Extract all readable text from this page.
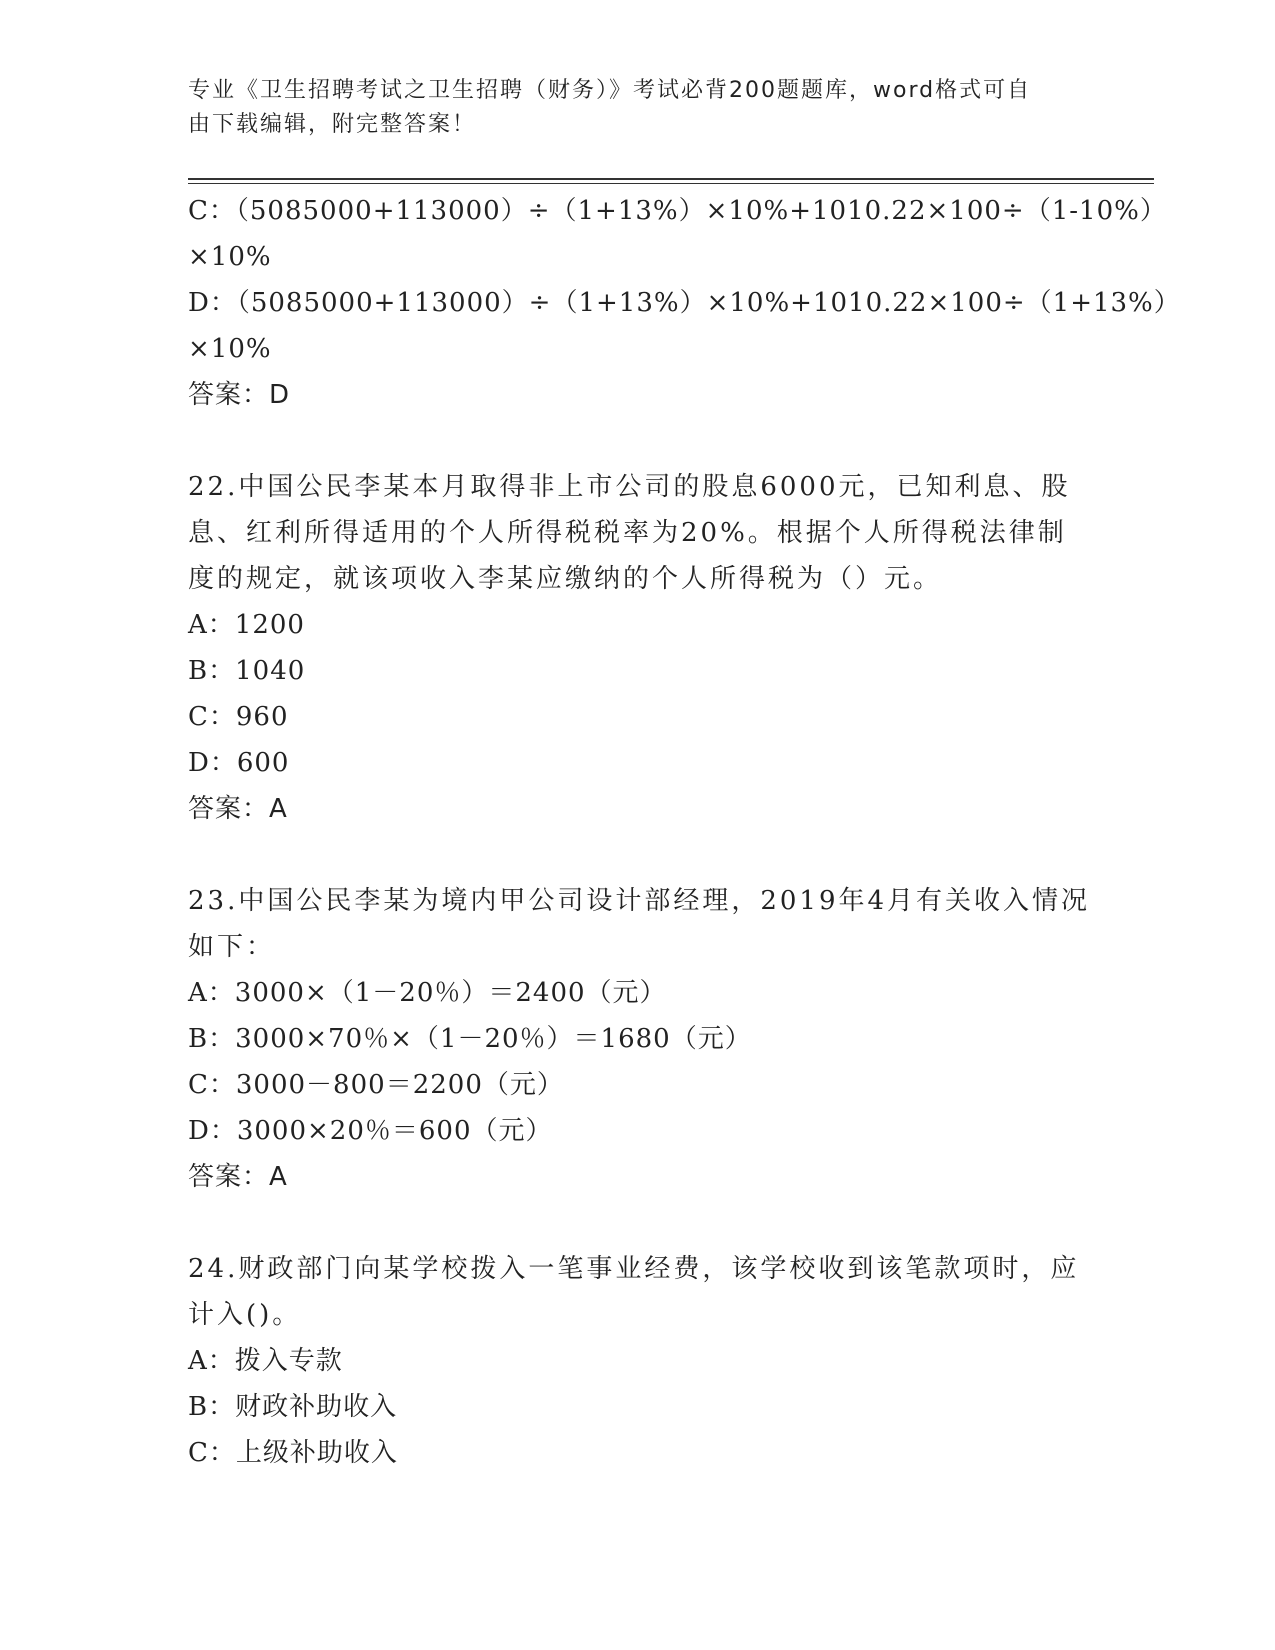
专业《卫生招聘考试之卫生招聘（财务）》考试必背200题题库，word格式可自
由下载编辑，附完整答案！
C：（5085000+113000）÷（1+13%）×10%+1010.22×100÷（1-10%）
×10%
D：（5085000+113000）÷（1+13%）×10%+1010.22×100÷（1+13%）
×10%
答案：D
22.中国公民李某本月取得非上市公司的股息6000元，已知利息、股
息、红利所得适用的个人所得税税率为20%。根据个人所得税法律制
度的规定，就该项收入李某应缴纳的个人所得税为（）元。
A：1200
B：1040
C：960
D：600
答案：A
23.中国公民李某为境内甲公司设计部经理，2019年4月有关收入情况
如下：
A：3000×（1－20％）＝2400（元）
B：3000×70％×（1－20％）＝1680（元）
C：3000－800＝2200（元）
D：3000×20％＝600（元）
答案：A
24.财政部门向某学校拨入一笔事业经费，该学校收到该笔款项时，应
计入()。
A：拨入专款
B：财政补助收入
C：上级补助收入
